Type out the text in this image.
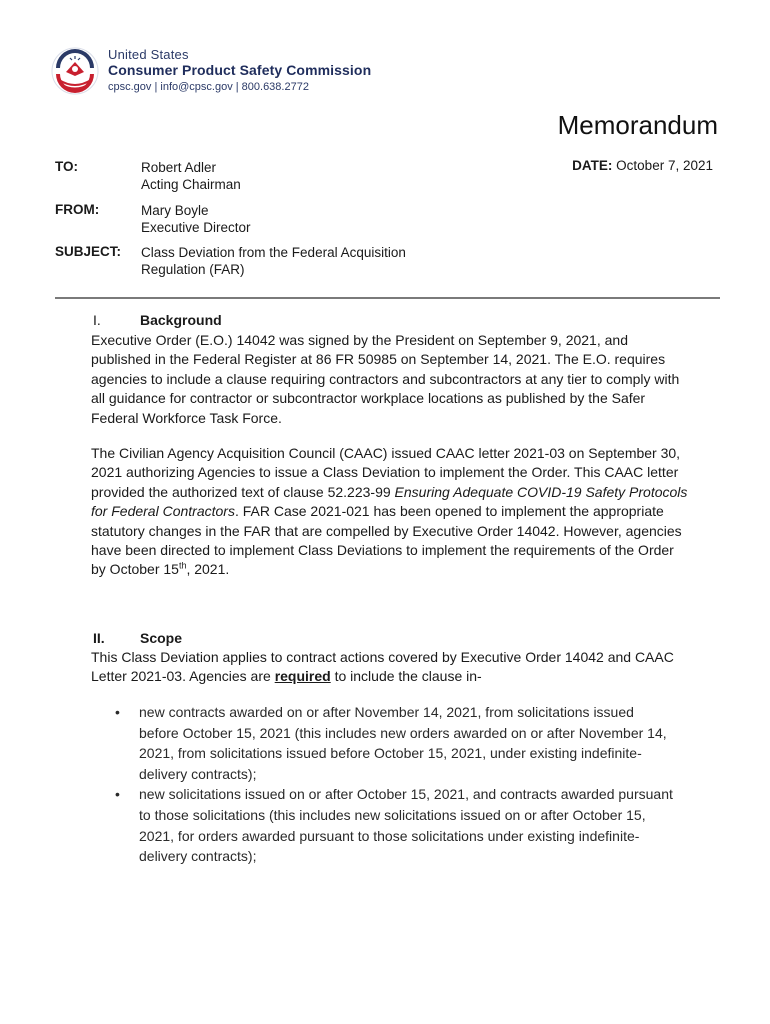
United States
Consumer Product Safety Commission
cpsc.gov | info@cpsc.gov | 800.638.2772
Memorandum
TO:	Robert Adler
Acting Chairman
DATE: October 7, 2021
FROM:	Mary Boyle
Executive Director
SUBJECT: Class Deviation from the Federal Acquisition
Regulation (FAR)
I.	Background

Executive Order (E.O.) 14042 was signed by the President on September 9, 2021, and published in the Federal Register at 86 FR 50985 on September 14, 2021. The E.O. requires agencies to include a clause requiring contractors and subcontractors at any tier to comply with all guidance for contractor or subcontractor workplace locations as published by the Safer Federal Workforce Task Force.

The Civilian Agency Acquisition Council (CAAC) issued CAAC letter 2021-03 on September 30, 2021 authorizing Agencies to issue a Class Deviation to implement the Order. This CAAC letter provided the authorized text of clause 52.223-99 Ensuring Adequate COVID-19 Safety Protocols for Federal Contractors. FAR Case 2021-021 has been opened to implement the appropriate statutory changes in the FAR that are compelled by Executive Order 14042. However, agencies have been directed to implement Class Deviations to implement the requirements of the Order by October 15th, 2021.

II.	Scope

This Class Deviation applies to contract actions covered by Executive Order 14042 and CAAC Letter 2021-03. Agencies are required to include the clause in-

• new contracts awarded on or after November 14, 2021, from solicitations issued before October 15, 2021 (this includes new orders awarded on or after November 14, 2021, from solicitations issued before October 15, 2021, under existing indefinite-delivery contracts);
• new solicitations issued on or after October 15, 2021, and contracts awarded pursuant to those solicitations (this includes new solicitations issued on or after October 15, 2021, for orders awarded pursuant to those solicitations under existing indefinite-delivery contracts);
